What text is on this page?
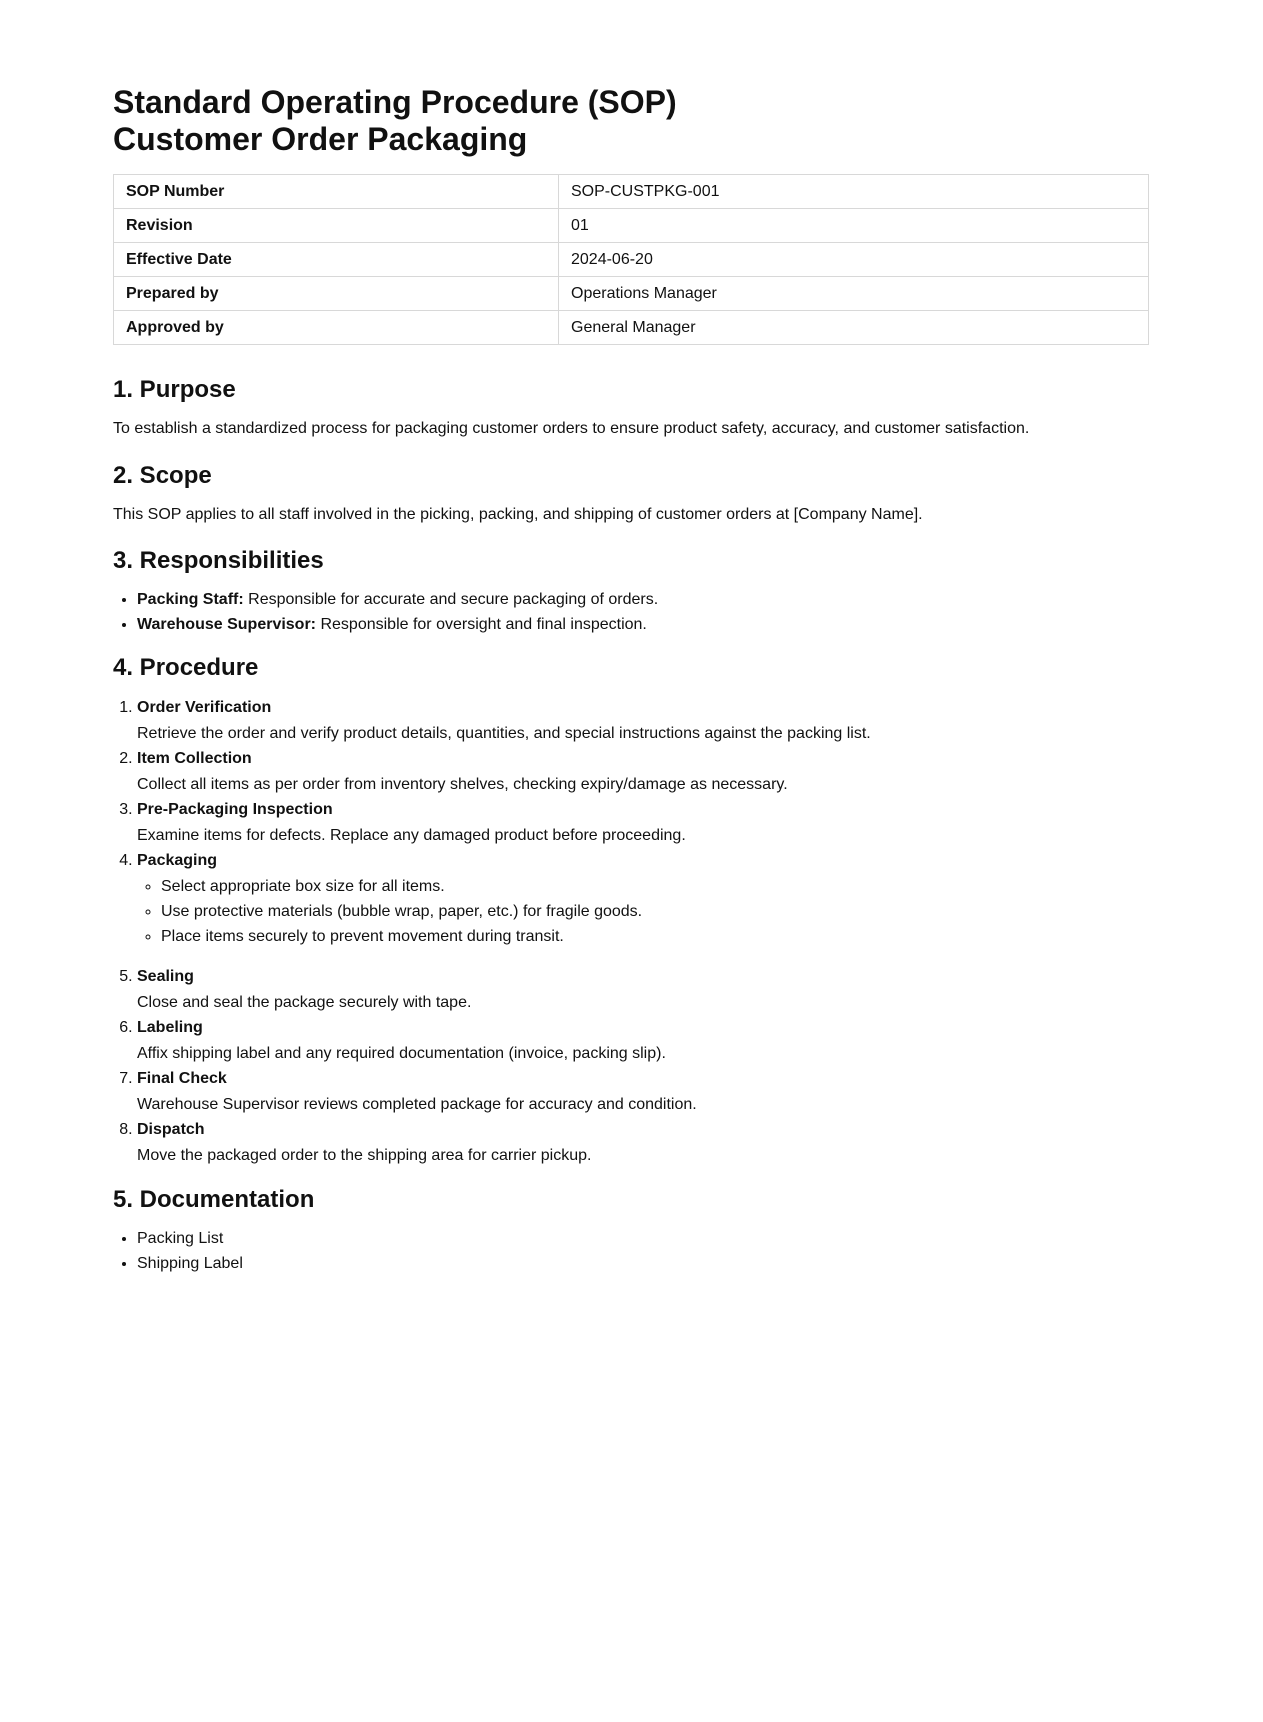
Standard Operating Procedure (SOP)
Customer Order Packaging
SOP Number	SOP-CUSTPKG-001
Revision	01
Effective Date	2024-06-20
Prepared by	Operations Manager
Approved by	General Manager
1. Purpose

To establish a standardized process for packaging customer orders to ensure product safety, accuracy, and customer satisfaction.

2. Scope

This SOP applies to all staff involved in the picking, packing, and shipping of customer orders at [Company Name].

3. Responsibilities
• Packing Staff: Responsible for accurate and secure packaging of orders.
• Warehouse Supervisor: Responsible for oversight and final inspection.
4. Procedure
1. Order Verification
Retrieve the order and verify product details, quantities, and special instructions against the packing list.
2. Item Collection
Collect all items as per order from inventory shelves, checking expiry/damage as necessary.
3. Pre-Packaging Inspection
Examine items for defects. Replace any damaged product before proceeding.
4. Packaging
◦ Select appropriate box size for all items.
◦ Use protective materials (bubble wrap, paper, etc.) for fragile goods.
◦ Place items securely to prevent movement during transit.
5. Sealing
Close and seal the package securely with tape.
6. Labeling
Affix shipping label and any required documentation (invoice, packing slip).
7. Final Check
Warehouse Supervisor reviews completed package for accuracy and condition.
8. Dispatch
Move the packaged order to the shipping area for carrier pickup.
5. Documentation
• Packing List
• Shipping Label
